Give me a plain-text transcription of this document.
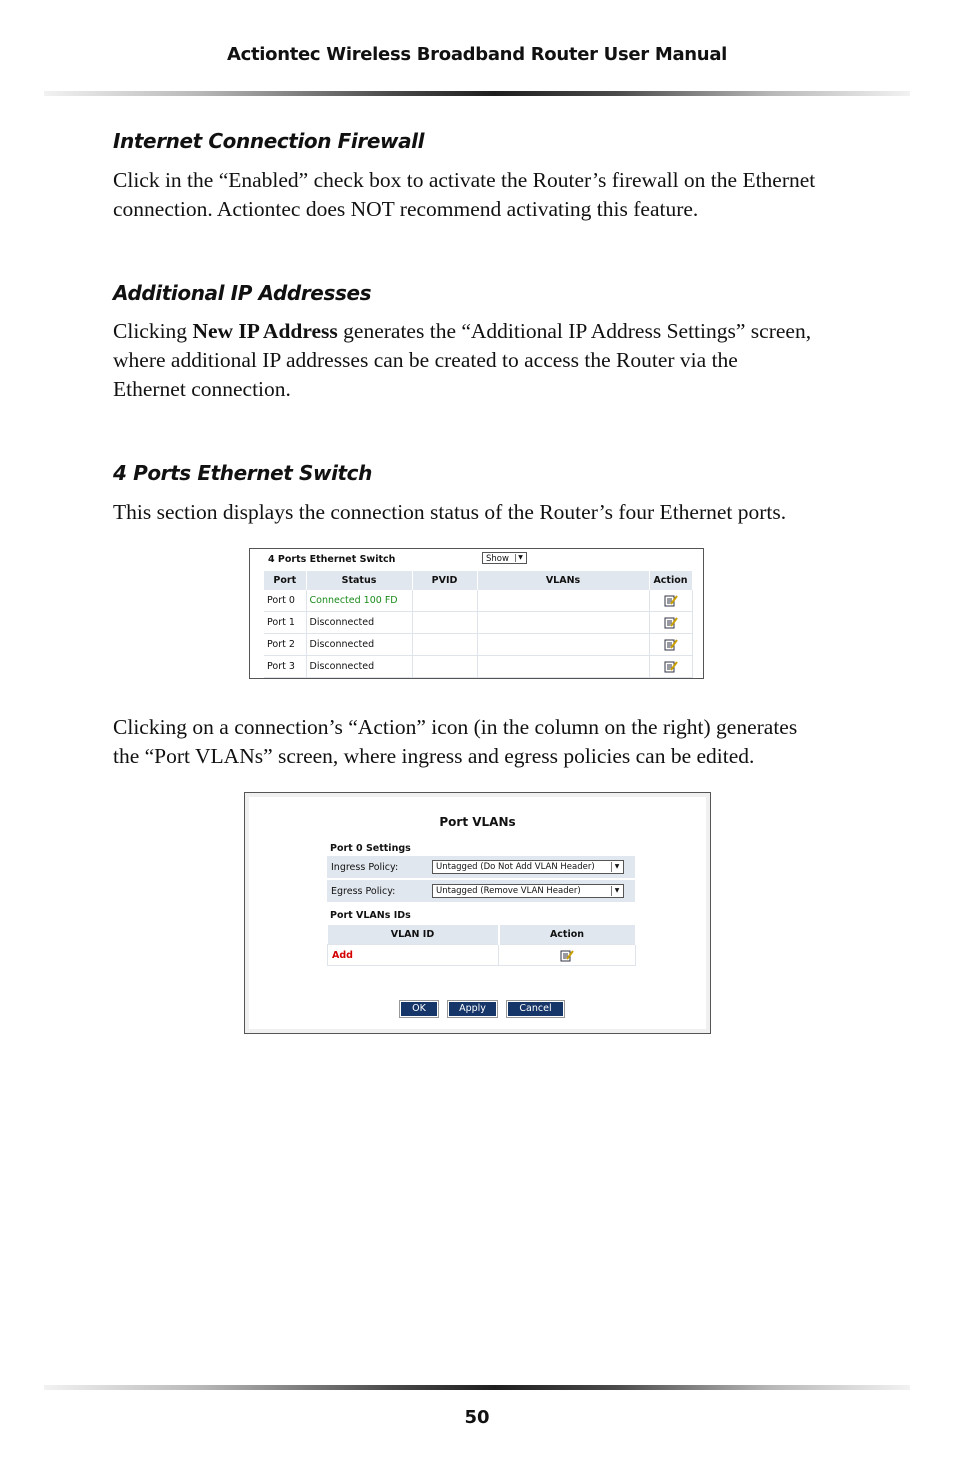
Actiontec Wireless Broadband Router User Manual
Internet Connection Firewall
Click in the “Enabled” check box to activate the Router’s firewall on the Ethernet
connection. Actiontec does NOT recommend activating this feature.
Additional IP Addresses
Clicking New IP Address generates the “Additional IP Address Settings” screen,
where additional IP addresses can be created to access the Router via the
Ethernet connection.
4 Ports Ethernet Switch
This section displays the connection status of the Router’s four Ethernet ports.
4 Ports Ethernet Switch	Show	▼
Port	Status	PVID	VLANs	Action
Port 0	Connected 100 FD			
Port 1	Disconnected			
Port 2	Disconnected			
Port 3	Disconnected			
Clicking on a connection’s “Action” icon (in the column on the right) generates
the “Port VLANs” screen, where ingress and egress policies can be edited.
Port VLANs
Port 0 Settings
Ingress Policy:	Untagged (Do Not Add VLAN Header)	▼
Egress Policy:	Untagged (Remove VLAN Header)	▼
Port VLANs IDs
VLAN ID	Action
Add	
OK	Apply	Cancel
50
